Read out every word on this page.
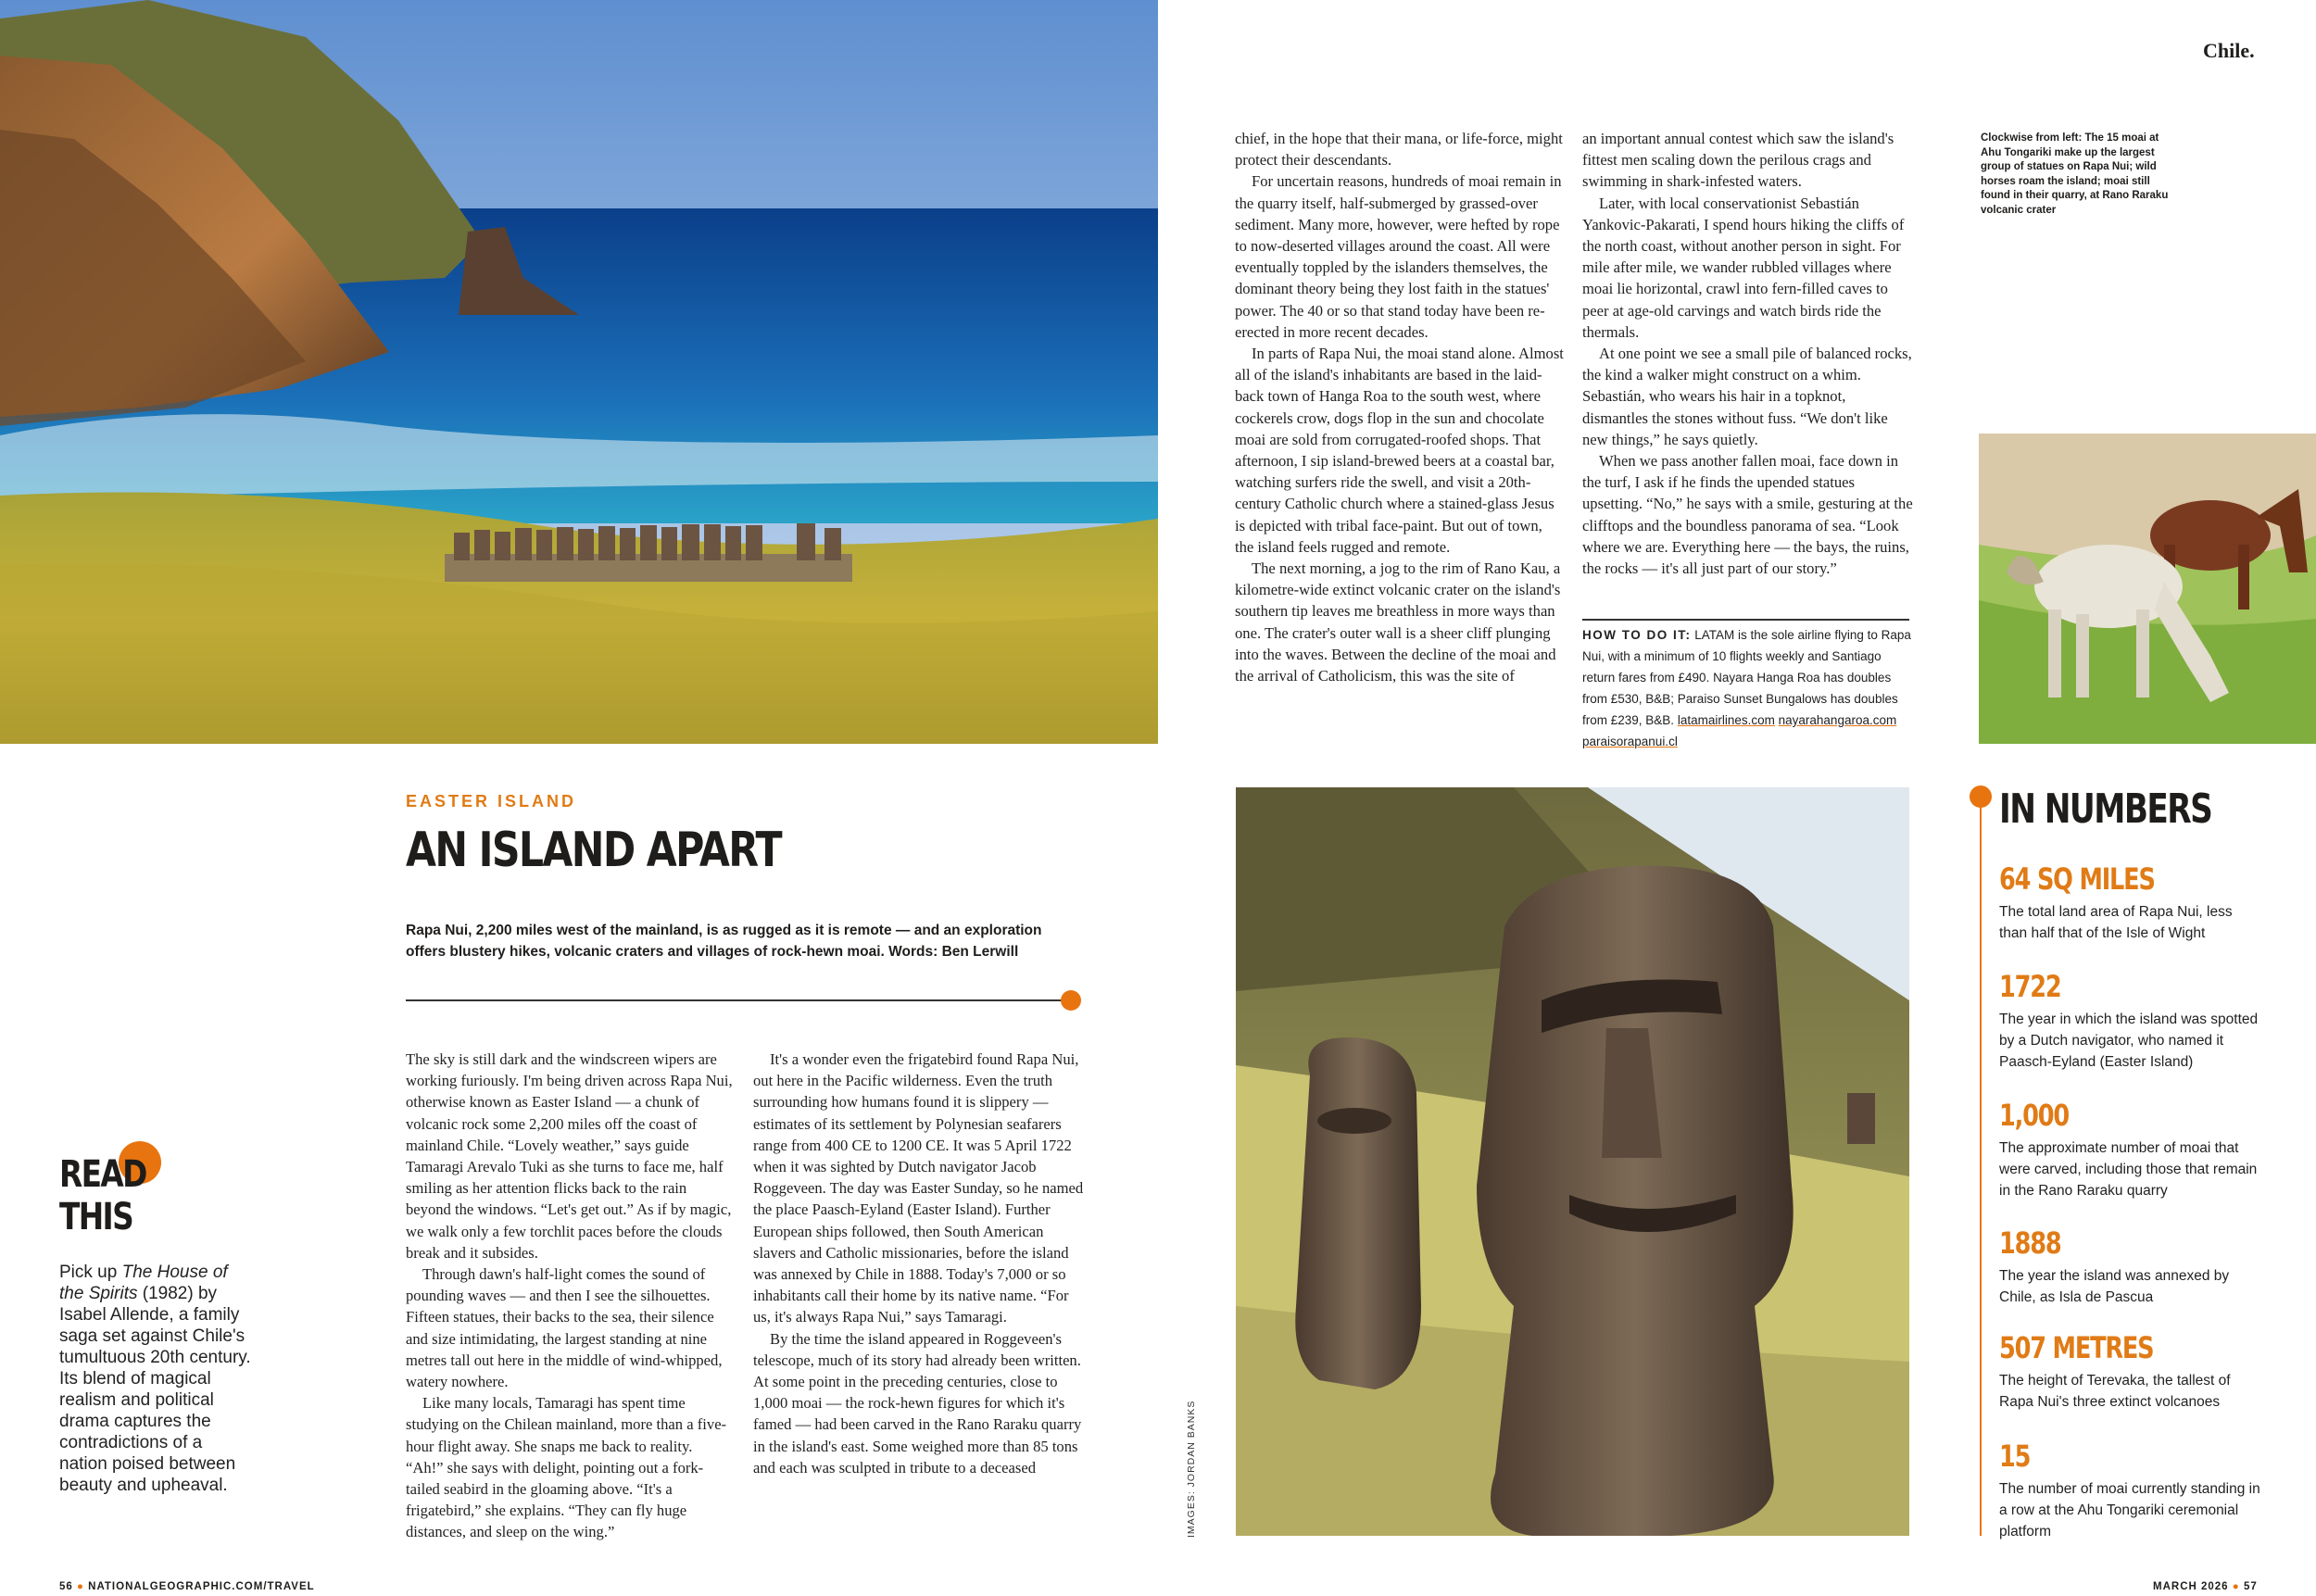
EASTER ISLAND
AN ISLAND APART
Rapa Nui, 2,200 miles west of the mainland, is as rugged as it is remote — and an exploration offers blustery hikes, volcanic craters and villages of rock-hewn moai. Words: Ben Lerwill
READ
THIS
Pick up The House of the Spirits (1982) by Isabel Allende, a family saga set against Chile's tumultuous 20th century. Its blend of magical realism and political drama captures the contradictions of a nation poised between beauty and upheaval.

The sky is still dark and the windscreen wipers are working furiously. I'm being driven across Rapa Nui, otherwise known as Easter Island — a chunk of volcanic rock some 2,200 miles off the coast of mainland Chile. “Lovely weather,” says guide Tamaragi Arevalo Tuki as she turns to face me, half smiling as her attention flicks back to the rain beyond the windows. “Let's get out.” As if by magic, we walk only a few torchlit paces before the clouds break and it subsides.

Through dawn's half-light comes the sound of pounding waves — and then I see the silhouettes. Fifteen statues, their backs to the sea, their silence and size intimidating, the largest standing at nine metres tall out here in the middle of wind-whipped, watery nowhere.

Like many locals, Tamaragi has spent time studying on the Chilean mainland, more than a five-hour flight away. She snaps me back to reality. “Ah!” she says with delight, pointing out a fork-tailed seabird in the gloaming above. “It's a frigatebird,” she explains. “They can fly huge distances, and sleep on the wing.”

It's a wonder even the frigatebird found Rapa Nui, out here in the Pacific wilderness. Even the truth surrounding how humans found it is slippery — estimates of its settlement by Polynesian seafarers range from 400 CE to 1200 CE. It was 5 April 1722 when it was sighted by Dutch navigator Jacob Roggeveen. The day was Easter Sunday, so he named the place Paasch-Eyland (Easter Island). Further European ships followed, then South American slavers and Catholic missionaries, before the island was annexed by Chile in 1888. Today's 7,000 or so inhabitants call their home by its native name. “For us, it's always Rapa Nui,” says Tamaragi.

By the time the island appeared in Roggeveen's telescope, much of its story had already been written. At some point in the preceding centuries, close to 1,000 moai — the rock-hewn figures for which it's famed — had been carved in the Rano Raraku quarry in the island's east. Some weighed more than 85 tons and each was sculpted in tribute to a deceased

Chile.

chief, in the hope that their mana, or life-force, might protect their descendants.

For uncertain reasons, hundreds of moai remain in the quarry itself, half-submerged by grassed-over sediment. Many more, however, were hefted by rope to now-deserted villages around the coast. All were eventually toppled by the islanders themselves, the dominant theory being they lost faith in the statues' power. The 40 or so that stand today have been re-erected in more recent decades.

In parts of Rapa Nui, the moai stand alone. Almost all of the island's inhabitants are based in the laid-back town of Hanga Roa to the south west, where cockerels crow, dogs flop in the sun and chocolate moai are sold from corrugated-roofed shops. That afternoon, I sip island-brewed beers at a coastal bar, watching surfers ride the swell, and visit a 20th-century Catholic church where a stained-glass Jesus is depicted with tribal face-paint. But out of town, the island feels rugged and remote.

The next morning, a jog to the rim of Rano Kau, a kilometre-wide extinct volcanic crater on the island's southern tip leaves me breathless in more ways than one. The crater's outer wall is a sheer cliff plunging into the waves. Between the decline of the moai and the arrival of Catholicism, this was the site of

an important annual contest which saw the island's fittest men scaling down the perilous crags and swimming in shark-infested waters.

Later, with local conservationist Sebastián Yankovic-Pakarati, I spend hours hiking the cliffs of the north coast, without another person in sight. For mile after mile, we wander rubbled villages where moai lie horizontal, crawl into fern-filled caves to peer at age-old carvings and watch birds ride the thermals.

At one point we see a small pile of balanced rocks, the kind a walker might construct on a whim. Sebastián, who wears his hair in a topknot, dismantles the stones without fuss. “We don't like new things,” he says quietly.

When we pass another fallen moai, face down in the turf, I ask if he finds the upended statues upsetting. “No,” he says with a smile, gesturing at the clifftops and the boundless panorama of sea. “Look where we are. Everything here — the bays, the ruins, the rocks — it's all just part of our story.”

HOW TO DO IT: LATAM is the sole airline flying to Rapa Nui, with a minimum of 10 flights weekly and Santiago return fares from £490. Nayara Hanga Roa has doubles from £530, B&B; Paraiso Sunset Bungalows has doubles from £239, B&B. latamairlines.com nayarahangaroa.com  paraisorapanui.cl
Clockwise from left: The 15 moai at Ahu Tongariki make up the largest group of statues on Rapa Nui; wild horses roam the island; moai still found in their quarry, at Rano Raraku volcanic crater
IMAGES: JORDAN BANKS
IN NUMBERS
64 SQ MILES
The total land area of Rapa Nui, less than half that of the Isle of Wight
1722
The year in which the island was spotted by a Dutch navigator, who named it Paasch-Eyland (Easter Island)
1,000
The approximate number of moai that were carved, including those that remain in the Rano Raraku quarry
1888
The year the island was annexed by Chile, as Isla de Pascua
507 METRES
The height of Terevaka, the tallest of Rapa Nui's three extinct volcanoes
15
The number of moai currently standing in a row at the Ahu Tongariki ceremonial platform
56 ● NATIONALGEOGRAPHIC.COM/TRAVEL	MARCH 2026 ● 57
